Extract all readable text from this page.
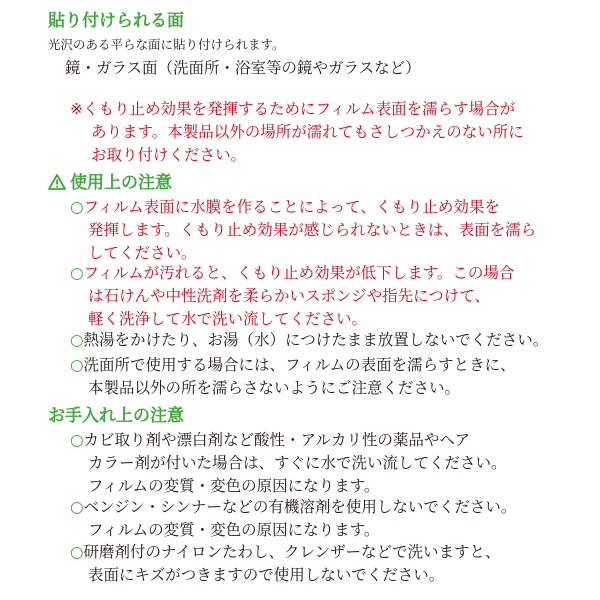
貼り付けられる面
光沢のある平らな面に貼り付けられます。
鏡・ガラス面（洗面所・浴室等の鏡やガラスなど）
※くもり止め効果を発揮するためにフィルム表面を濡らす場合が
あります。本製品以外の場所が濡れてもさしつかえのない所に
お取り付けください。
使用上の注意
○フィルム表面に水膜を作ることによって、くもり止め効果を
発揮します。くもり止め効果が感じられないときは、表面を濡ら
してください。
○フィルムが汚れると、くもり止め効果が低下します。この場合
は石けんや中性洗剤を柔らかいスポンジや指先につけて、
軽く洗浄して水で洗い流してください。
○熱湯をかけたり、お湯（水）につけたまま放置しないでください。
○洗面所で使用する場合には、フィルムの表面を濡らすときに、
本製品以外の所を濡らさないようにご注意ください。
お手入れ上の注意
○カビ取り剤や漂白剤など酸性・アルカリ性の薬品やヘア
カラー剤が付いた場合は、すぐに水で洗い流してください。
フィルムの変質・変色の原因になります。
○ベンジン・シンナーなどの有機溶剤を使用しないでください。
フィルムの変質・変色の原因になります。
○研磨剤付のナイロンたわし、クレンザーなどで洗いますと、
表面にキズがつきますので使用しないでください。
